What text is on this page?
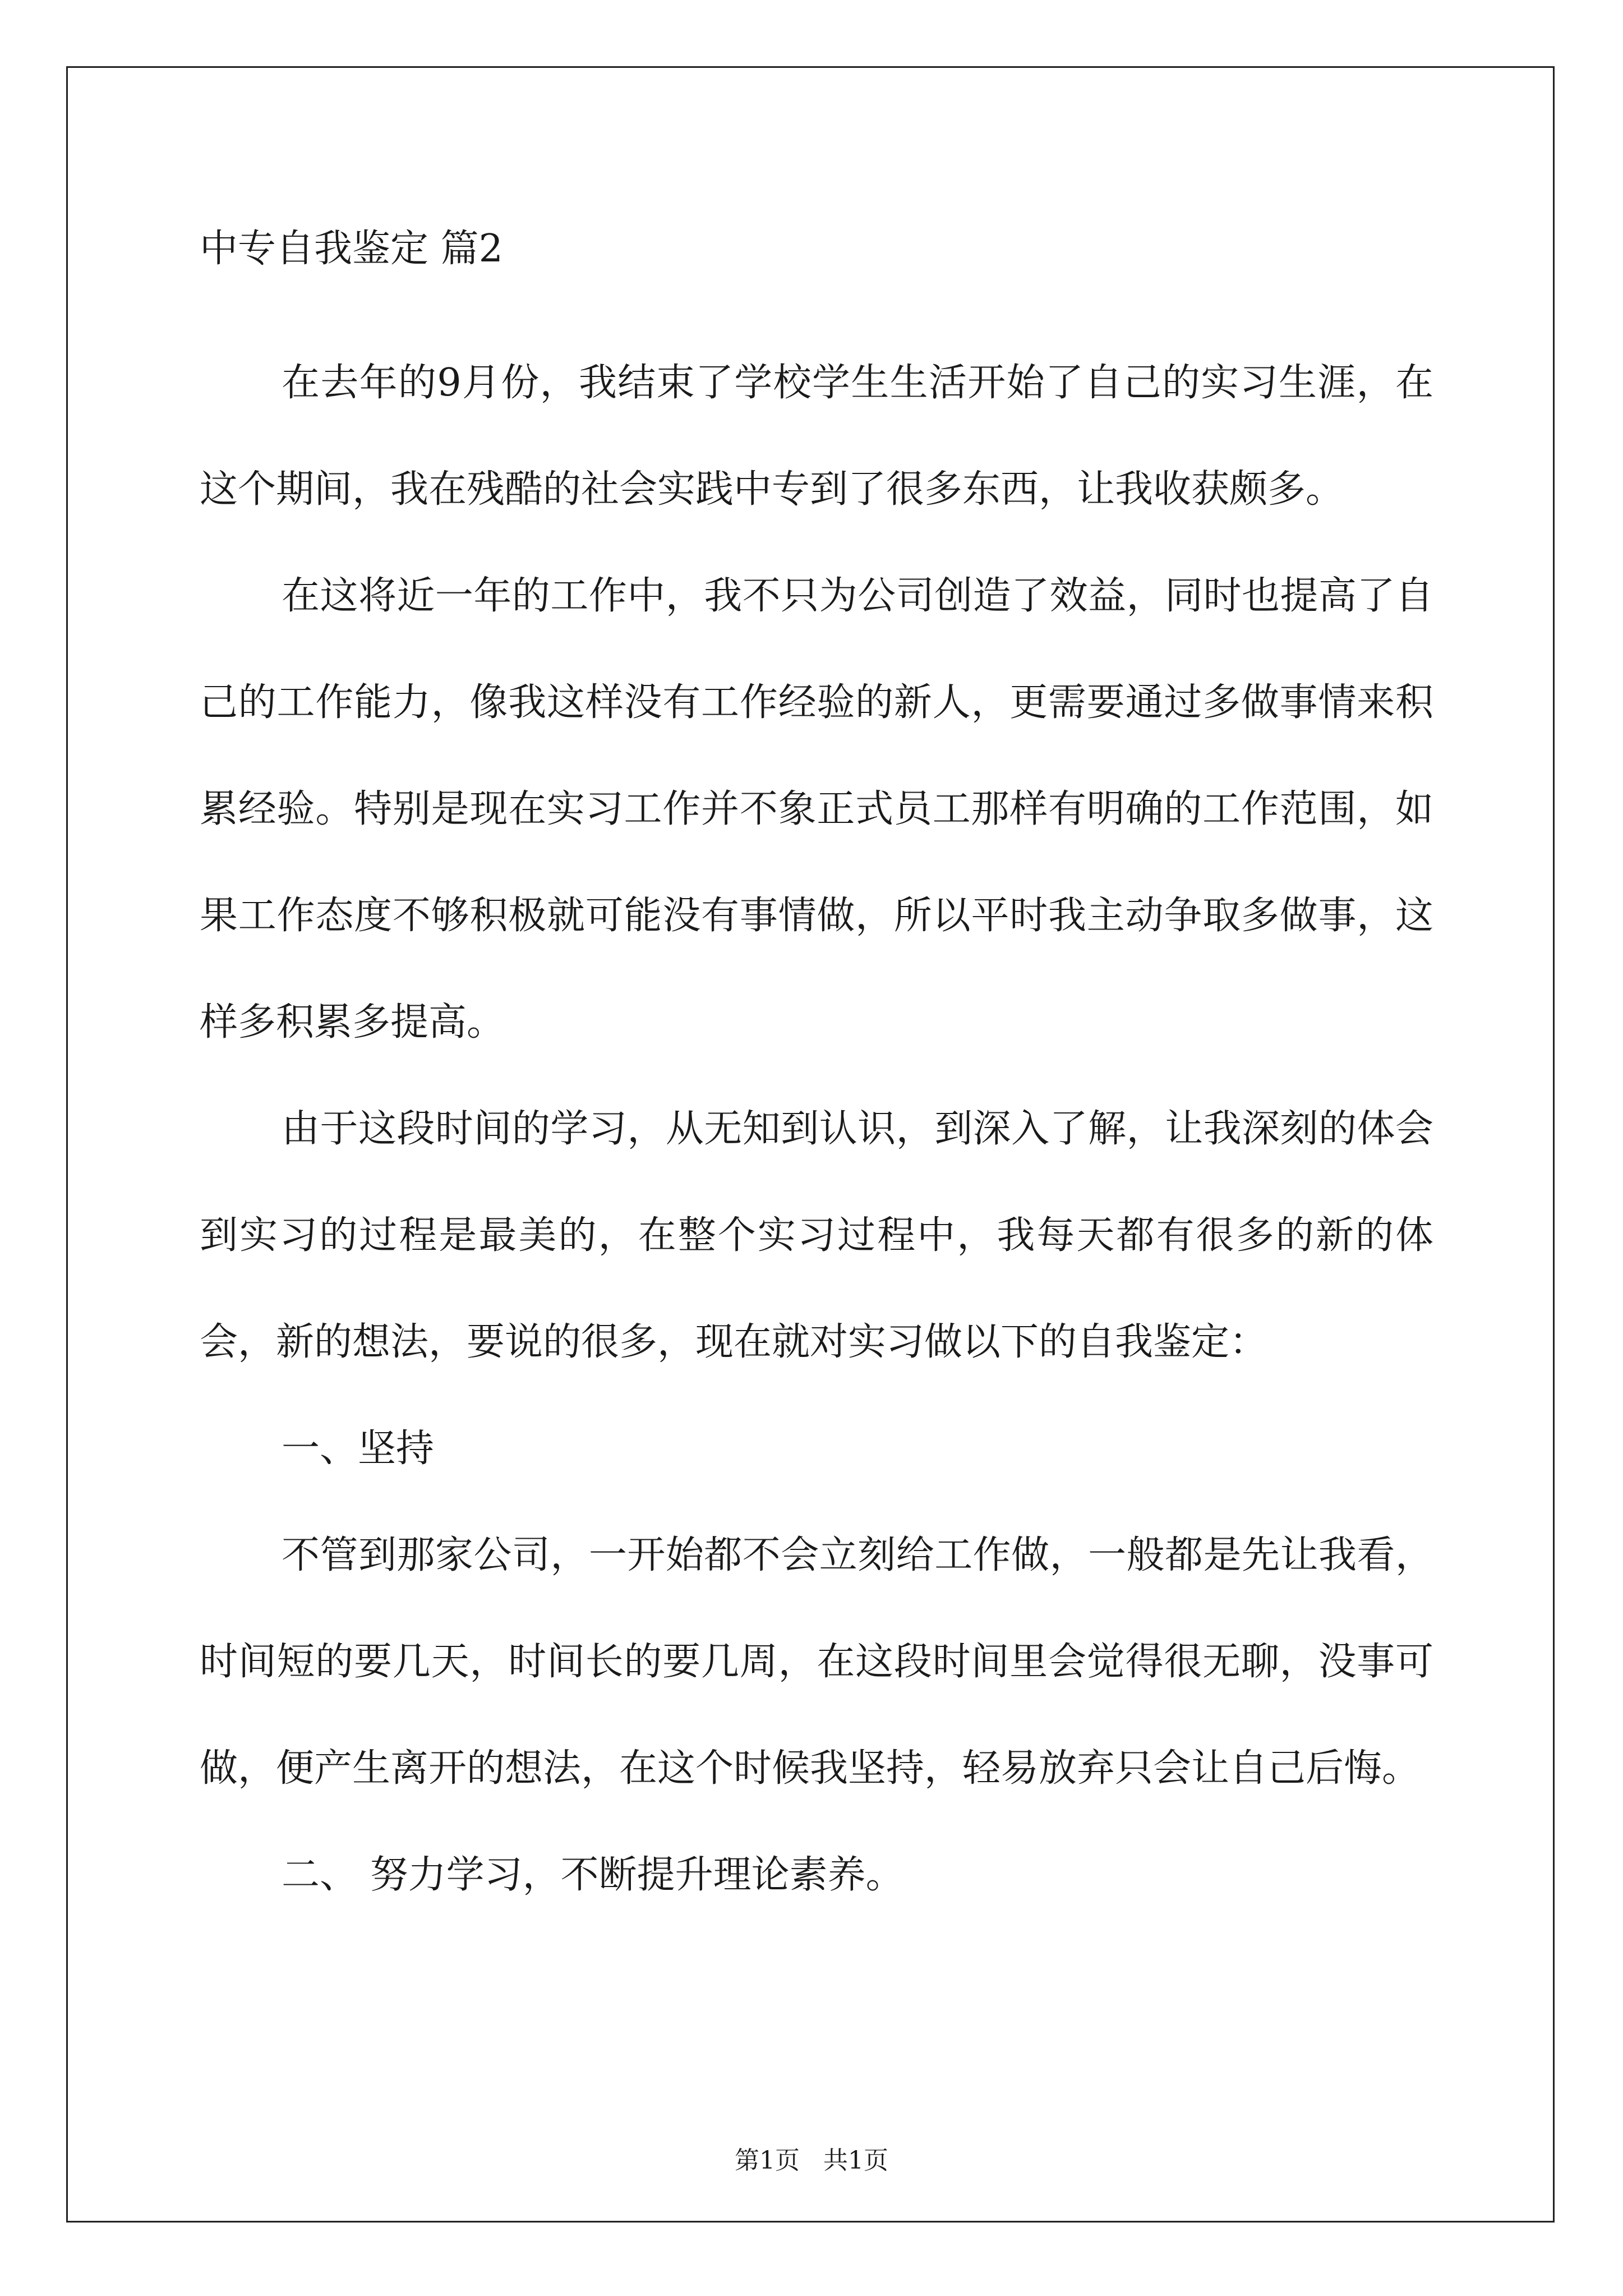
中专自我鉴定 篇2

在去年的9月份，我结束了学校学生生活开始了自己的实习生涯，在这个期间，我在残酷的社会实践中专到了很多东西，让我收获颇多。

在这将近一年的工作中，我不只为公司创造了效益，同时也提高了自己的工作能力，像我这样没有工作经验的新人，更需要通过多做事情来积累经验。特别是现在实习工作并不象正式员工那样有明确的工作范围，如果工作态度不够积极就可能没有事情做，所以平时我主动争取多做事，这样多积累多提高。

由于这段时间的学习，从无知到认识，到深入了解，让我深刻的体会到实习的过程是最美的，在整个实习过程中，我每天都有很多的新的体会，新的想法，要说的很多，现在就对实习做以下的自我鉴定：

一、坚持

不管到那家公司，一开始都不会立刻给工作做，一般都是先让我看，时间短的要几天，时间长的要几周，在这段时间里会觉得很无聊，没事可做，便产生离开的想法，在这个时候我坚持，轻易放弃只会让自己后悔。

二、 努力学习，不断提升理论素养。

第1页   共1页
